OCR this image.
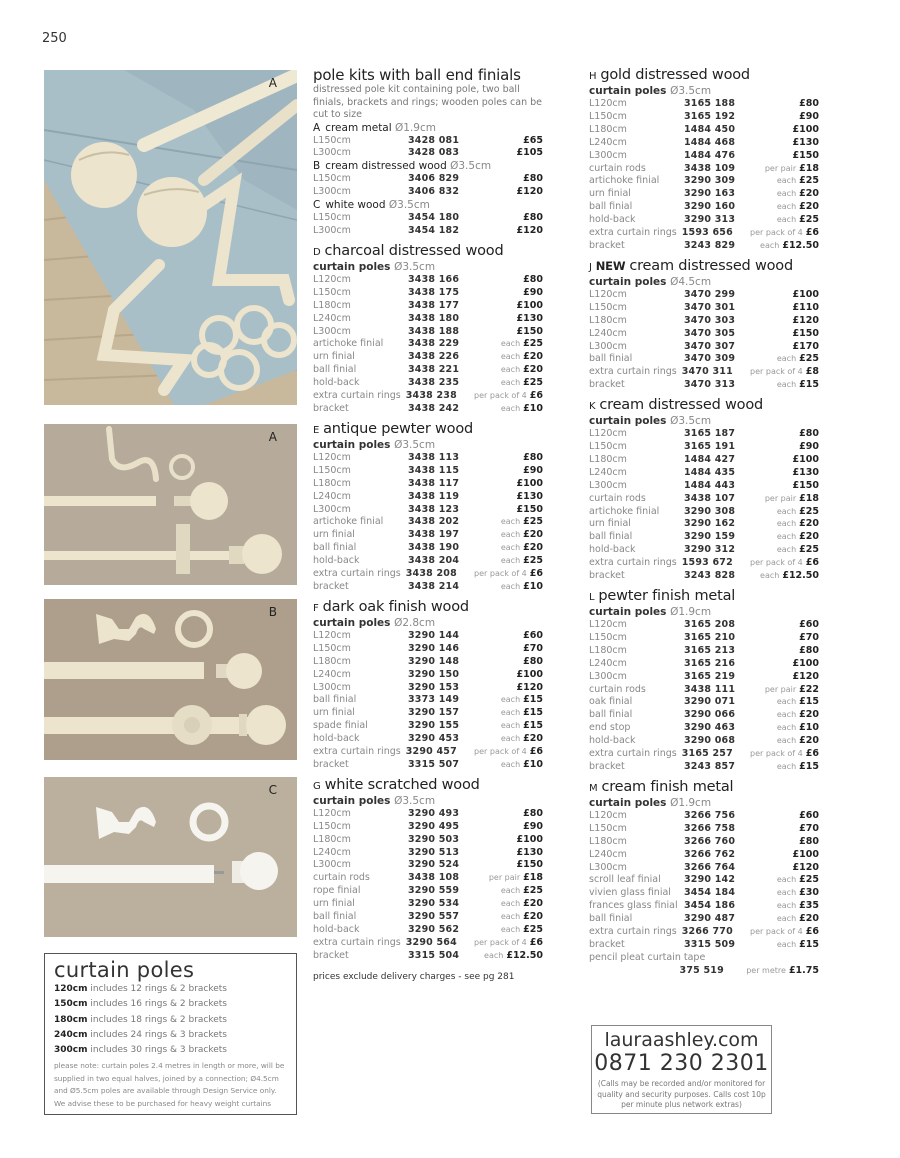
250
A
A
B
C
pole kits with ball end finials
distressed pole kit containing pole, two ball finials, brackets and rings; wooden poles can be cut to size
A cream metal Ø1.9cm
L150cm	3428 081	£65
L300cm	3428 083	£105
B cream distressed wood Ø3.5cm
L150cm	3406 829	£80
L300cm	3406 832	£120
C white wood Ø3.5cm
L150cm	3454 180	£80
L300cm	3454 182	£120
D charcoal distressed wood
curtain poles Ø3.5cm
L120cm	3438 166	£80
L150cm	3438 175	£90
L180cm	3438 177	£100
L240cm	3438 180	£130
L300cm	3438 188	£150
artichoke finial	3438 229	each £25
urn finial	3438 226	each £20
ball finial	3438 221	each £20
hold-back	3438 235	each £25
extra curtain rings 3438 238	per pack of 4 £6
bracket	3438 242	each £10
E antique pewter wood
curtain poles Ø3.5cm
L120cm	3438 113	£80
L150cm	3438 115	£90
L180cm	3438 117	£100
L240cm	3438 119	£130
L300cm	3438 123	£150
artichoke finial	3438 202	each £25
urn finial	3438 197	each £20
ball finial	3438 190	each £20
hold-back	3438 204	each £25
extra curtain rings 3438 208	per pack of 4 £6
bracket	3438 214	each £10
F dark oak finish wood
curtain poles Ø2.8cm
L120cm	3290 144	£60
L150cm	3290 146	£70
L180cm	3290 148	£80
L240cm	3290 150	£100
L300cm	3290 153	£120
ball finial	3373 149	each £15
urn finial	3290 157	each £15
spade finial	3290 155	each £15
hold-back	3290 453	each £20
extra curtain rings 3290 457	per pack of 4 £6
bracket	3315 507	each £10
G white scratched wood
curtain poles Ø3.5cm
L120cm	3290 493	£80
L150cm	3290 495	£90
L180cm	3290 503	£100
L240cm	3290 513	£130
L300cm	3290 524	£150
curtain rods	3438 108	per pair £18
rope finial	3290 559	each £25
urn finial	3290 534	each £20
ball finial	3290 557	each £20
hold-back	3290 562	each £25
extra curtain rings 3290 564	per pack of 4 £6
bracket	3315 504	each £12.50
prices exclude delivery charges - see pg 281
H gold distressed wood
curtain poles Ø3.5cm
L120cm	3165 188	£80
L150cm	3165 192	£90
L180cm	1484 450	£100
L240cm	1484 468	£130
L300cm	1484 476	£150
curtain rods	3438 109	per pair £18
artichoke finial	3290 309	each £25
urn finial	3290 163	each £20
ball finial	3290 160	each £20
hold-back	3290 313	each £25
extra curtain rings 1593 656	per pack of 4 £6
bracket	3243 829	each £12.50
J NEW cream distressed wood
curtain poles Ø4.5cm
L120cm	3470 299	£100
L150cm	3470 301	£110
L180cm	3470 303	£120
L240cm	3470 305	£150
L300cm	3470 307	£170
ball finial	3470 309	each £25
extra curtain rings 3470 311	per pack of 4 £8
bracket	3470 313	each £15
K cream distressed wood
curtain poles Ø3.5cm
L120cm	3165 187	£80
L150cm	3165 191	£90
L180cm	1484 427	£100
L240cm	1484 435	£130
L300cm	1484 443	£150
curtain rods	3438 107	per pair £18
artichoke finial	3290 308	each £25
urn finial	3290 162	each £20
ball finial	3290 159	each £20
hold-back	3290 312	each £25
extra curtain rings 1593 672	per pack of 4 £6
bracket	3243 828	each £12.50
L pewter finish metal
curtain poles Ø1.9cm
L120cm	3165 208	£60
L150cm	3165 210	£70
L180cm	3165 213	£80
L240cm	3165 216	£100
L300cm	3165 219	£120
curtain rods	3438 111	per pair £22
oak finial	3290 071	each £15
ball finial	3290 066	each £20
end stop	3290 463	each £10
hold-back	3290 068	each £20
extra curtain rings 3165 257	per pack of 4 £6
bracket	3243 857	each £15
M cream finish metal
curtain poles Ø1.9cm
L120cm	3266 756	£60
L150cm	3266 758	£70
L180cm	3266 760	£80
L240cm	3266 762	£100
L300cm	3266 764	£120
scroll leaf finial	3290 142	each £25
vivien glass finial	3454 184	each £30
frances glass finial 3454 186	each £35
ball finial	3290 487	each £20
extra curtain rings 3266 770	per pack of 4 £6
bracket	3315 509	each £15
pencil pleat curtain tape
375 519	per metre £1.75
curtain poles
120cm includes 12 rings & 2 brackets
150cm includes 16 rings & 2 brackets
180cm includes 18 rings & 2 brackets
240cm includes 24 rings & 3 brackets
300cm includes 30 rings & 3 brackets
please note: curtain poles 2.4 metres in length or more, will be supplied in two equal halves, joined by a connection; Ø4.5cm and Ø5.5cm poles are available through Design Service only. We advise these to be purchased for heavy weight curtains
lauraashley.com
0871 230 2301
(Calls may be recorded and/or monitored for quality and security purposes. Calls cost 10p per minute plus network extras)
